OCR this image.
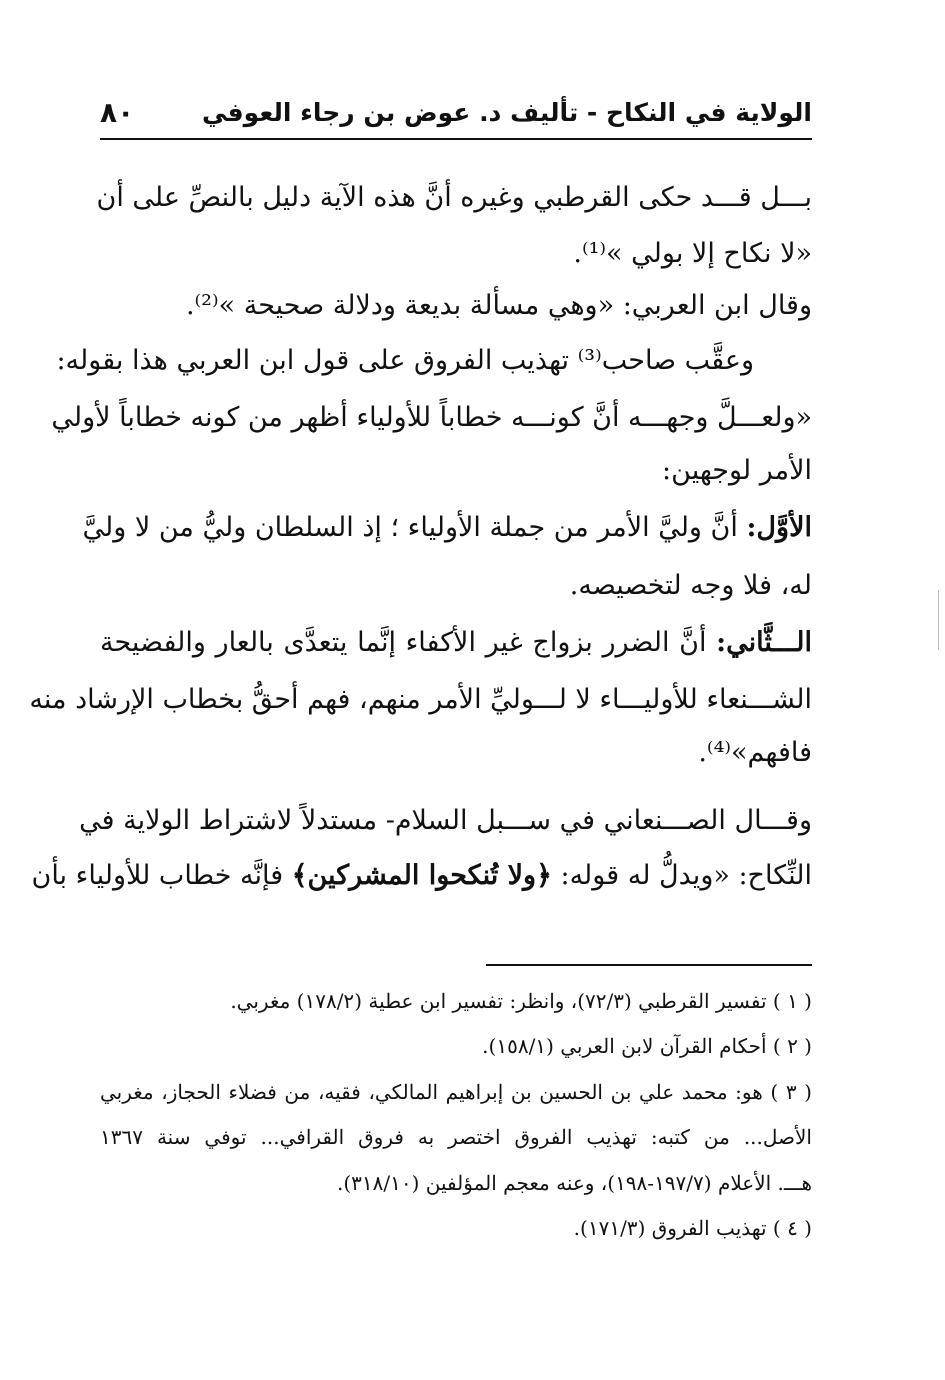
الولاية في النكاح - تأليف د. عوض بن رجاء العوفي
٨٠
بـــل قـــد حكى القرطبي وغيره أنَّ هذه الآية دليل بالنصِّ على أن
«لا نكاح إلا بولي »⁽¹⁾.
وقال ابن العربي: «وهي مسألة بديعة ودلالة صحيحة »⁽²⁾.
وعقَّب صاحب⁽³⁾ تهذيب الفروق على قول ابن العربي هذا بقوله:
«ولعـــلَّ وجهـــه أنَّ كونـــه خطاباً للأولياء أظهر من كونه خطاباً لأولي
الأمر لوجهين:
الأوَّل: أنَّ وليَّ الأمر من جملة الأولياء ؛ إذ السلطان وليُّ من لا وليَّ
له، فلا وجه لتخصيصه.
الـــثَّاني: أنَّ الضرر بزواج غير الأكفاء إنَّما يتعدَّى بالعار والفضيحة
الشـــنعاء للأوليـــاء لا لـــوليِّ الأمر منهم، فهم أحقُّ بخطاب الإرشاد منه
فافهم»⁽⁴⁾.
وقـــال الصـــنعاني في ســـبل السلام- مستدلاً لاشتراط الولاية في
النِّكاح: «ويدلُّ له قوله: ﴿ولا تُنكحوا المشركين﴾ فإنَّه خطاب للأولياء بأن
( ١ ) تفسير القرطبي (٧٢/٣)، وانظر: تفسير ابن عطية (١٧٨/٢) مغربي.
( ٢ ) أحكام القرآن لابن العربي (١٥٨/١).
( ٣ ) هو: محمد علي بن الحسين بن إبراهيم المالكي، فقيه، من فضلاء الحجاز، مغربي
الأصل... من كتبه: تهذيب الفروق اختصر به فروق القرافي... توفي سنة ١٣٦٧
هـــ. الأعلام (١٩٧/٧-١٩٨)، وعنه معجم المؤلفين (٣١٨/١٠).
( ٤ ) تهذيب الفروق (١٧١/٣).
